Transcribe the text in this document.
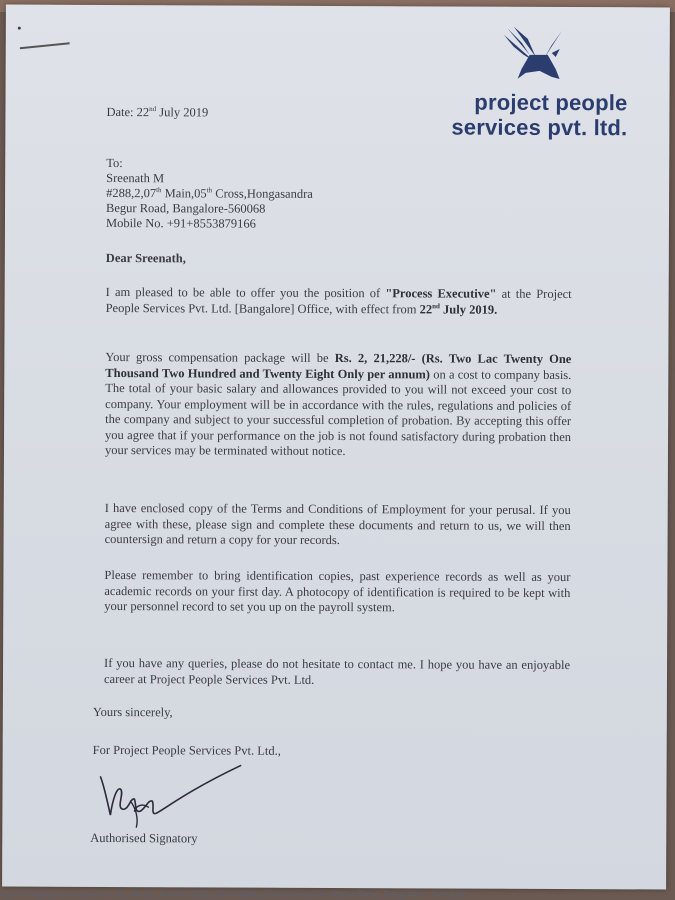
project people
services pvt. ltd.
Date: 22nd July 2019
To:
Sreenath M
#288,2,07th Main,05th Cross,Hongasandra
Begur Road, Bangalore-560068
Mobile No. +91+8553879166
Dear Sreenath,
I am pleased to be able to offer you the position of "Process Executive" at the Project People Services Pvt. Ltd. [Bangalore] Office, with effect from 22nd July 2019.
Your gross compensation package will be Rs. 2, 21,228/- (Rs. Two Lac Twenty One Thousand Two Hundred and Twenty Eight Only per annum) on a cost to company basis. The total of your basic salary and allowances provided to you will not exceed your cost to company. Your employment will be in accordance with the rules, regulations and policies of the company and subject to your successful completion of probation. By accepting this offer you agree that if your performance on the job is not found satisfactory during probation then your services may be terminated without notice.
I have enclosed copy of the Terms and Conditions of Employment for your perusal. If you agree with these, please sign and complete these documents and return to us, we will then countersign and return a copy for your records.
Please remember to bring identification copies, past experience records as well as your academic records on your first day. A photocopy of identification is required to be kept with your personnel record to set you up on the payroll system.
If you have any queries, please do not hesitate to contact me. I hope you have an enjoyable career at Project People Services Pvt. Ltd.
Yours sincerely,
For Project People Services Pvt. Ltd.,
Authorised Signatory
roject People Services Pvt. Ltd., No.12, Plot No.28/B, 2nd A Main, Electronics City, Hosur Road, Bangalore - 560 100
